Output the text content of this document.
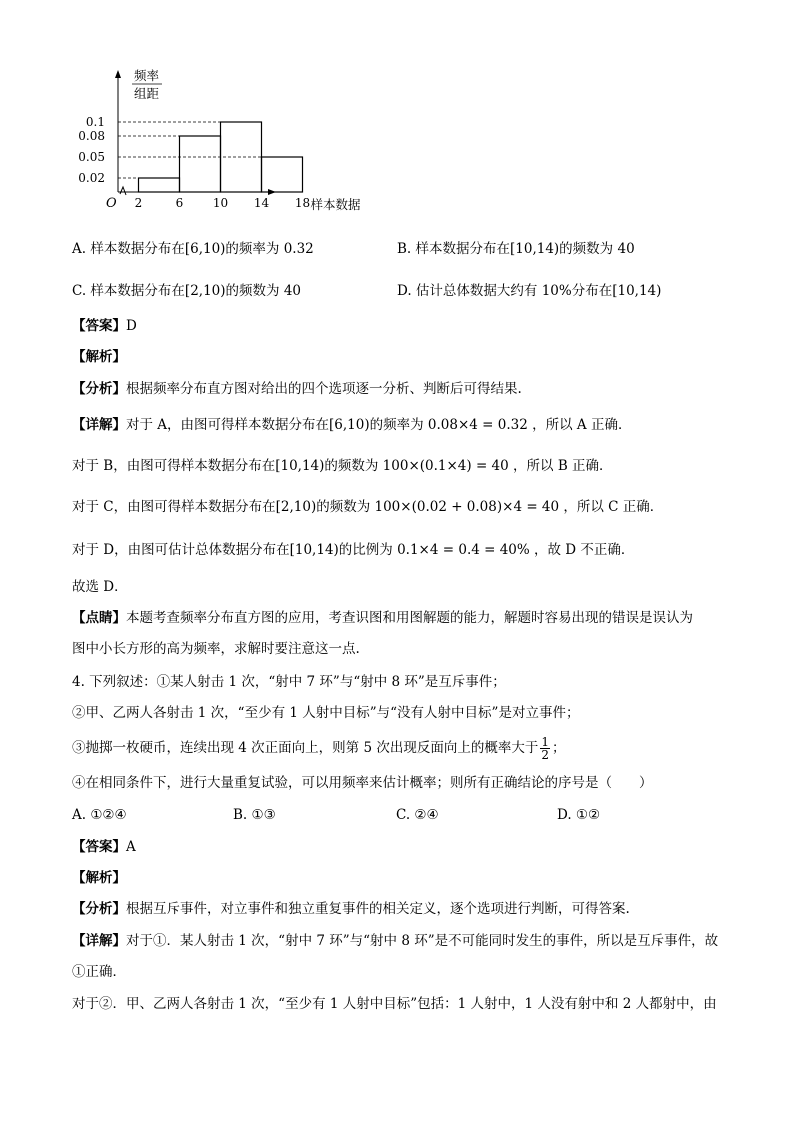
0.02
0.05
0.08
0.1
2	6 10 14 18
O	样本数据
频率
组距
A. 样本数据分布在[6,10)的频率为 0.32	B. 样本数据分布在[10,14)的频数为 40
C. 样本数据分布在[2,10)的频数为 40	D. 估计总体数据大约有 10%分布在[10,14)
【答案】D
【解析】
【分析】根据频率分布直方图对给出的四个选项逐一分析、判断后可得结果.
【详解】对于 A，由图可得样本数据分布在[6,10)的频率为 0.08×4 = 0.32 ，所以 A 正确．
对于 B，由图可得样本数据分布在[10,14)的频数为 100×(0.1×4) = 40 ，所以 B 正确．
对于 C，由图可得样本数据分布在[2,10)的频数为 100×(0.02 + 0.08)×4 = 40 ，所以 C 正确．
对于 D，由图可估计总体数据分布在[10,14)的比例为 0.1×4 = 0.4 = 40% ，故 D 不正确．
故选 D．
【点睛】本题考查频率分布直方图的应用，考查识图和用图解题的能力，解题时容易出现的错误是误认为
图中小长方形的高为频率，求解时要注意这一点.
4. 下列叙述：①某人射击 1 次，“射中 7 环”与“射中 8 环”是互斥事件；
②甲、乙两人各射击 1 次，“至少有 1 人射中目标”与“没有人射中目标”是对立事件；
③抛掷一枚硬币，连续出现 4 次正面向上，则第 5 次出现反面向上的概率大于 $\frac{1}{2}$ ；
④在相同条件下，进行大量重复试验，可以用频率来估计概率；则所有正确结论的序号是（　　）
A. ①②④	B. ①③	C. ②④	D. ①②
【答案】A
【解析】
【分析】根据互斥事件，对立事件和独立重复事件的相关定义，逐个选项进行判断，可得答案.
【详解】对于①．某人射击 1 次，“射中 7 环”与“射中 8 环”是不可能同时发生的事件，所以是互斥事件，故
①正确．
对于②．甲、乙两人各射击 1 次，“至少有 1 人射中目标”包括：1 人射中，1 人没有射中和 2 人都射中，由
